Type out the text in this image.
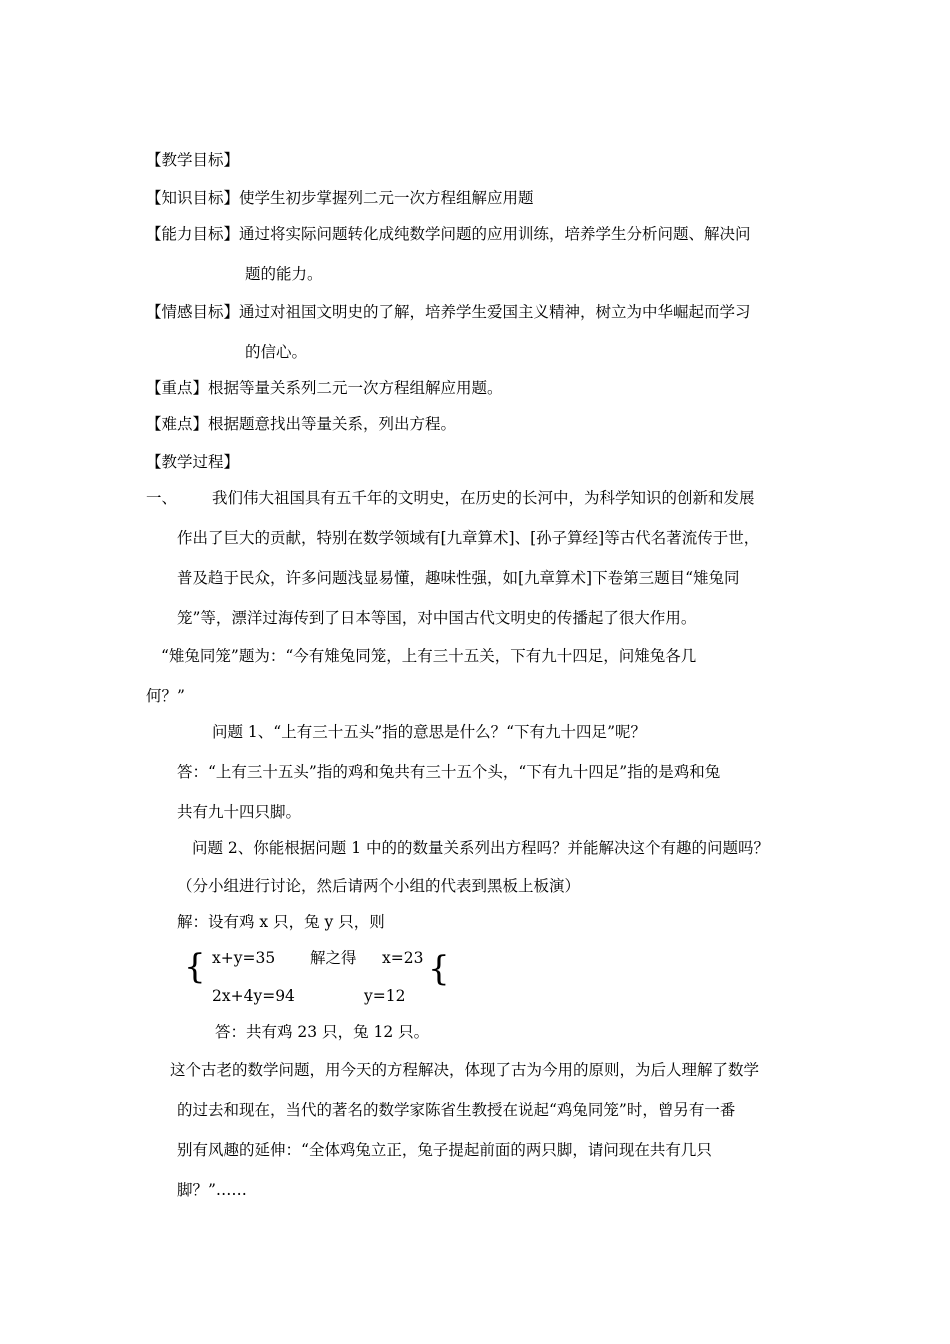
【教学目标】
【知识目标】使学生初步掌握列二元一次方程组解应用题
【能力目标】通过将实际问题转化成纯数学问题的应用训练，培养学生分析问题、解决问
题的能力。
【情感目标】通过对祖国文明史的了解，培养学生爱国主义精神，树立为中华崛起而学习
的信心。
【重点】根据等量关系列二元一次方程组解应用题。
【难点】根据题意找出等量关系，列出方程。
【教学过程】
一、 我们伟大祖国具有五千年的文明史，在历史的长河中，为科学知识的创新和发展
作出了巨大的贡献，特别在数学领域有[九章算术]、[孙子算经]等古代名著流传于世，
普及趋于民众，许多问题浅显易懂，趣味性强，如[九章算术]下卷第三题目“雉兔同
笼”等，漂洋过海传到了日本等国，对中国古代文明史的传播起了很大作用。
“雉兔同笼”题为：“今有雉兔同笼，上有三十五关，下有九十四足，问雉兔各几
何？”
问题 1、“上有三十五头”指的意思是什么？“下有九十四足”呢？
答：“上有三十五头”指的鸡和兔共有三十五个头，“下有九十四足”指的是鸡和兔
共有九十四只脚。
问题 2、你能根据问题 1 中的的数量关系列出方程吗？并能解决这个有趣的问题吗？
（分小组进行讨论，然后请两个小组的代表到黑板上板演）
解：设有鸡 x 只，兔 y 只，则
{ x+y=35 解之得 x=23 {
2x+4y=94	y=12
答：共有鸡 23 只，兔 12 只。
这个古老的数学问题，用今天的方程解决，体现了古为今用的原则，为后人理解了数学
的过去和现在，当代的著名的数学家陈省生教授在说起“鸡兔同笼”时，曾另有一番
别有风趣的延伸：“全体鸡兔立正，兔子提起前面的两只脚，请问现在共有几只
脚？”……
